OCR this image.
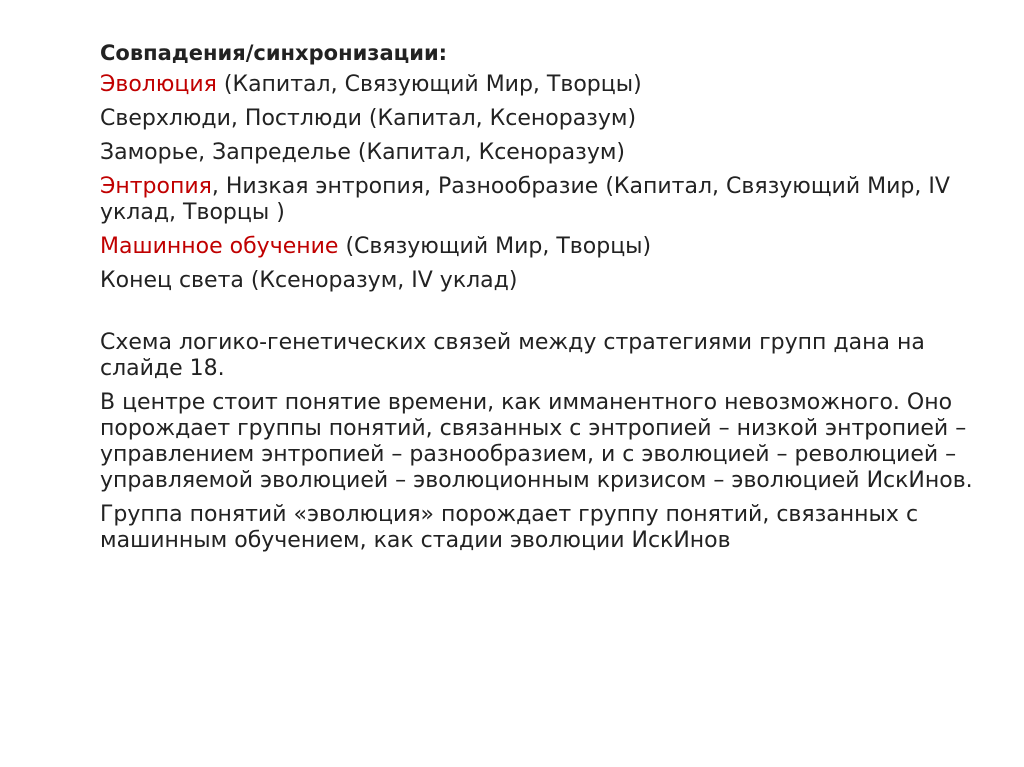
Совпадения/синхронизации:
Эволюция (Капитал, Связующий Мир, Творцы)
Сверхлюди, Постлюди (Капитал, Ксеноразум)
Заморье, Запределье (Капитал, Ксеноразум)
Энтропия, Низкая энтропия, Разнообразие (Капитал, Связующий Мир, IV уклад, Творцы )
Машинное обучение (Связующий Мир, Творцы)
Конец света (Ксеноразум, IV уклад)
Схема логико-генетических связей между стратегиями групп дана на слайде 18.
В центре стоит понятие времени, как имманентного невозможного. Оно порождает группы понятий, связанных с энтропией – низкой энтропией – управлением энтропией – разнообразием, и с эволюцией – революцией – управляемой эволюцией – эволюционным кризисом – эволюцией ИскИнов.
Группа понятий «эволюция» порождает группу понятий, связанных с машинным обучением, как стадии эволюции ИскИнов
